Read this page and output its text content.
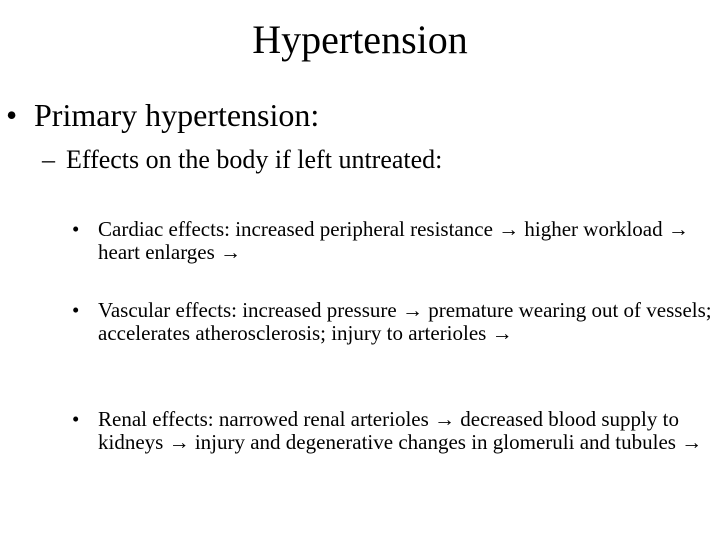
Hypertension
• Primary hypertension:
– Effects on the body if left untreated:
• Cardiac effects: increased peripheral resistance → higher workload → heart enlarges →
• Vascular effects: increased pressure → premature wearing out of vessels; accelerates atherosclerosis; injury to arterioles →
• Renal effects: narrowed renal arterioles → decreased blood supply to kidneys → injury and degenerative changes in glomeruli and tubules →
